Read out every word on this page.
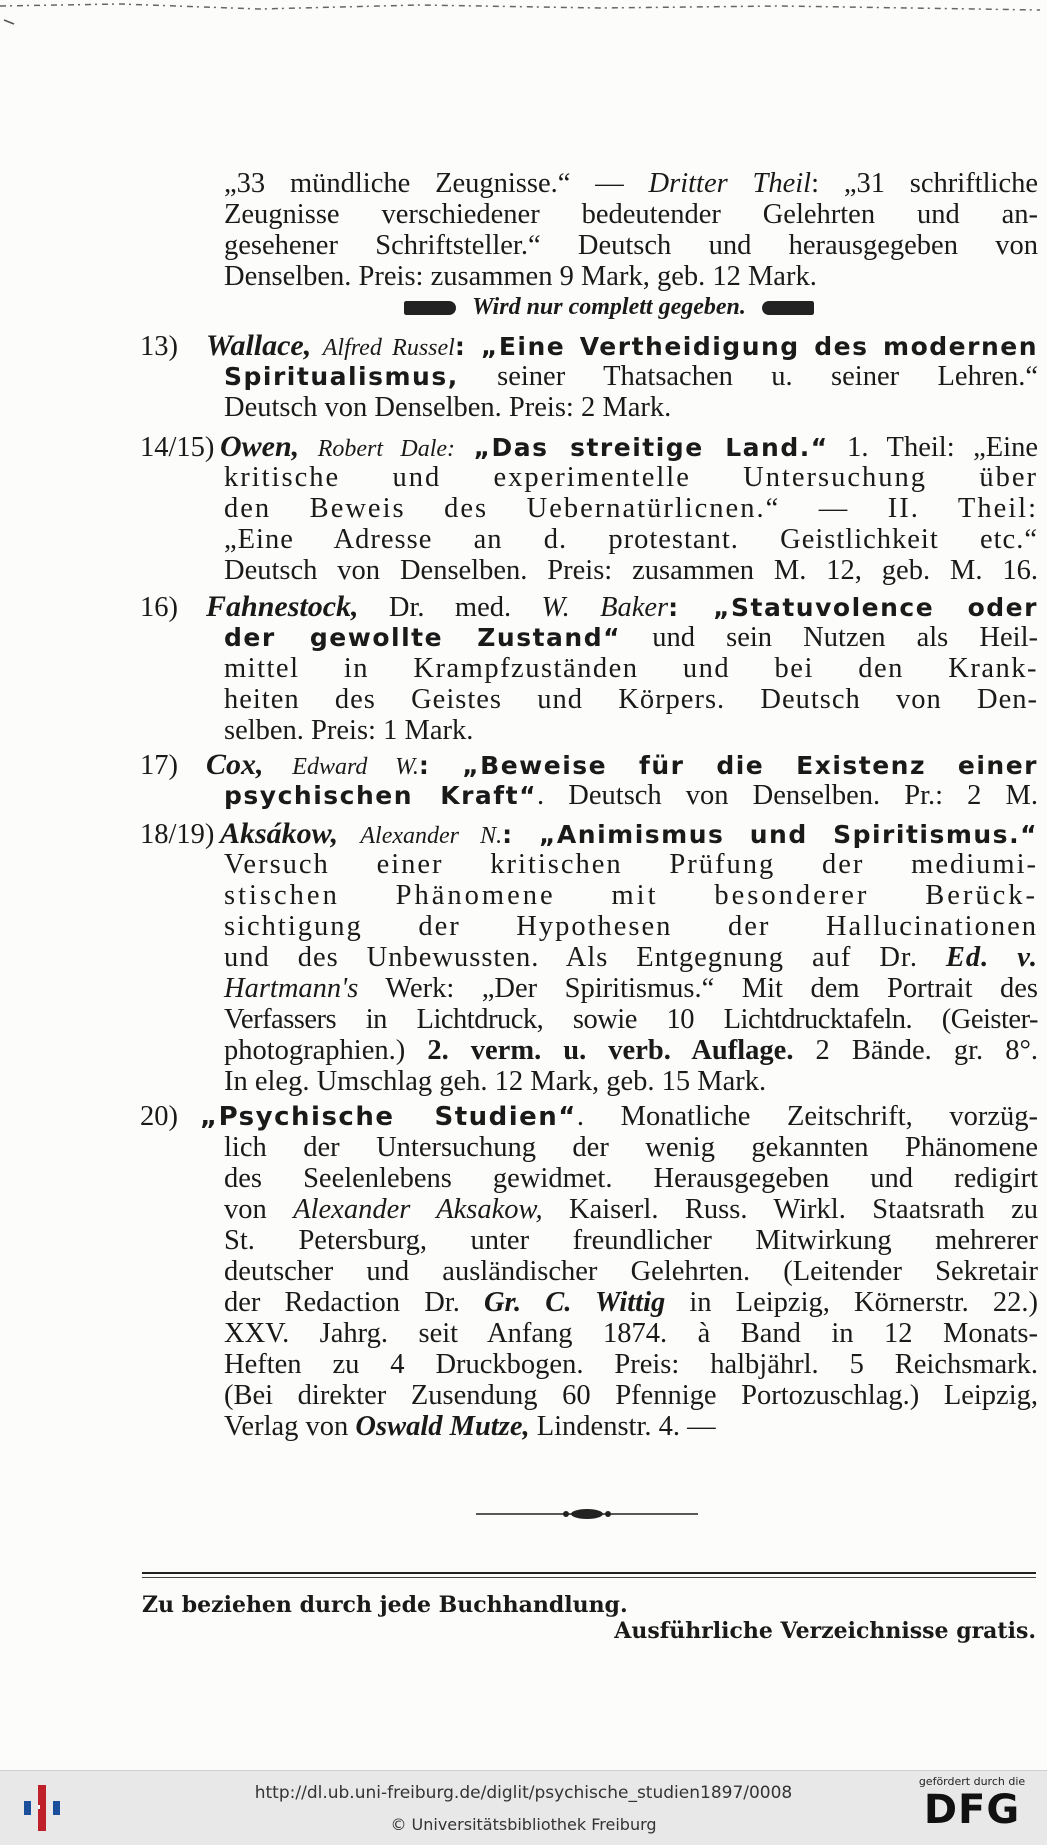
„33 mündliche Zeugnisse.“ — Dritter Theil: „31 schriftliche
Zeugnisse verschiedener bedeutender Gelehrten und an-
gesehener Schriftsteller.“ Deutsch und herausgegeben von
Denselben. Preis: zusammen 9 Mark, geb. 12 Mark.
Wird nur complett gegeben.
13) Wallace, Alfred Russel: „Eine Vertheidigung des modernen
Spiritualismus, seiner Thatsachen u. seiner Lehren.“
Deutsch von Denselben. Preis: 2 Mark.
14/15) Owen, Robert Dale: „Das streitige Land.“ 1. Theil: „Eine
kritische und experimentelle Untersuchung über
den Beweis des Uebernatürlicnen.“ — II. Theil:
„Eine Adresse an d. protestant. Geistlichkeit etc.“
Deutsch von Denselben. Preis: zusammen M. 12, geb. M. 16.
16) Fahnestock, Dr. med. W. Baker: „Statuvolence oder
der gewollte Zustand“ und sein Nutzen als Heil-
mittel in Krampfzuständen und bei den Krank-
heiten des Geistes und Körpers. Deutsch von Den-
selben. Preis: 1 Mark.
17) Cox, Edward W.: „Beweise für die Existenz einer
psychischen Kraft“. Deutsch von Denselben. Pr.: 2 M.
18/19) Aksákow, Alexander N.: „Animismus und Spiritismus.“
Versuch einer kritischen Prüfung der mediumi-
stischen Phänomene mit besonderer Berück-
sichtigung der Hypothesen der Hallucinationen
und des Unbewussten. Als Entgegnung auf Dr. Ed. v.
Hartmann's Werk: „Der Spiritismus.“ Mit dem Portrait des
Verfassers in Lichtdruck, sowie 10 Lichtdrucktafeln. (Geister-
photographien.) 2. verm. u. verb. Auflage. 2 Bände. gr. 8°.
In eleg. Umschlag geh. 12 Mark, geb. 15 Mark.
20) „Psychische Studien“. Monatliche Zeitschrift, vorzüg-
lich der Untersuchung der wenig gekannten Phänomene
des Seelenlebens gewidmet. Herausgegeben und redigirt
von Alexander Aksakow, Kaiserl. Russ. Wirkl. Staatsrath zu
St. Petersburg, unter freundlicher Mitwirkung mehrerer
deutscher und ausländischer Gelehrten. (Leitender Sekretair
der Redaction Dr. Gr. C. Wittig in Leipzig, Körnerstr. 22.)
XXV. Jahrg. seit Anfang 1874. à Band in 12 Monats-
Heften zu 4 Druckbogen. Preis: halbjährl. 5 Reichsmark.
(Bei direkter Zusendung 60 Pfennige Portozuschlag.) Leipzig,
Verlag von Oswald Mutze, Lindenstr. 4. —
Zu beziehen durch jede Buchhandlung.
Ausführliche Verzeichnisse gratis.
http://dl.ub.uni-freiburg.de/diglit/psychische_studien1897/0008
© Universitätsbibliothek Freiburg
gefördert durch die
DFG
